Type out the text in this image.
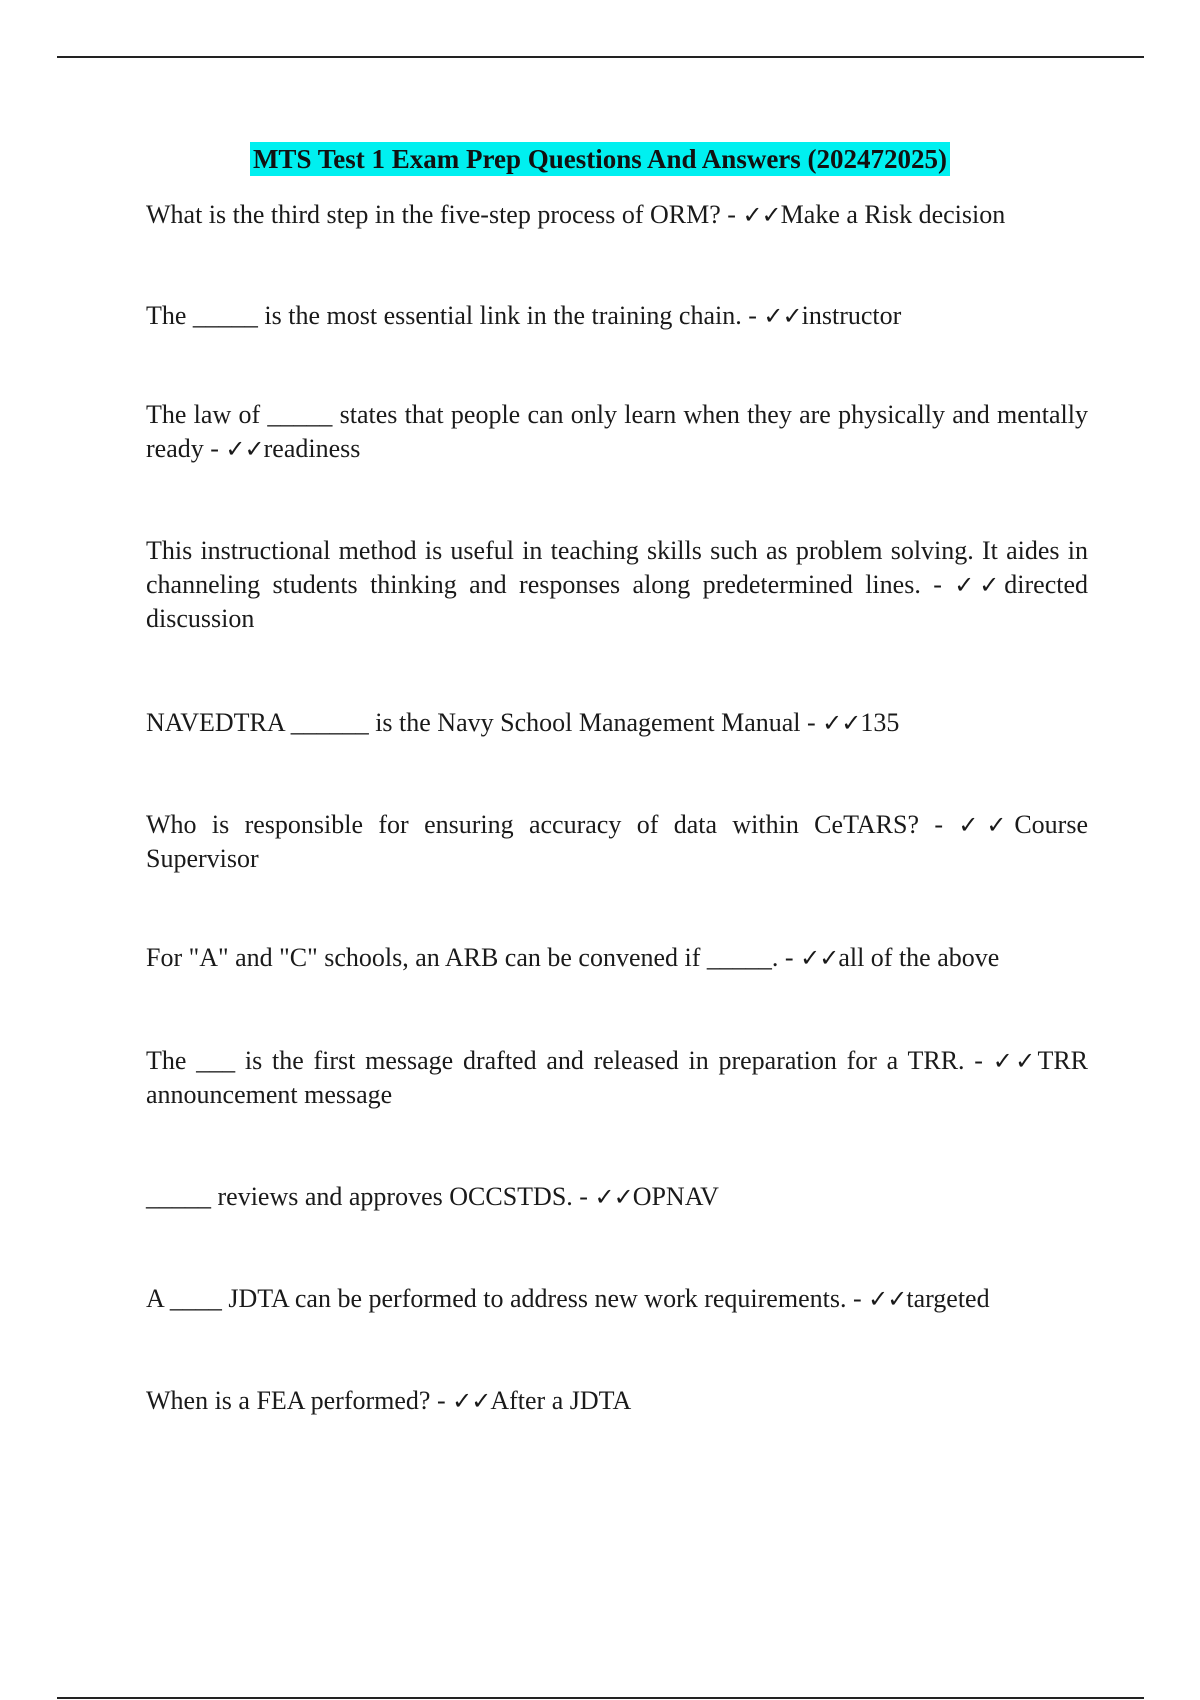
MTS Test 1 Exam Prep Questions And Answers (202472025)
What is the third step in the five-step process of ORM? - ✓✓Make a Risk decision
The _____ is the most essential link in the training chain. - ✓✓instructor
The law of _____ states that people can only learn when they are physically and mentally ready - ✓✓readiness
This instructional method is useful in teaching skills such as problem solving. It aides in channeling students thinking and responses along predetermined lines. - ✓✓directed discussion
NAVEDTRA ______ is the Navy School Management Manual - ✓✓135
Who is responsible for ensuring accuracy of data within CeTARS? - ✓✓Course Supervisor
For "A" and "C" schools, an ARB can be convened if _____. - ✓✓all of the above
The ___ is the first message drafted and released in preparation for a TRR. - ✓✓TRR announcement message
_____ reviews and approves OCCSTDS. - ✓✓OPNAV
A ____ JDTA can be performed to address new work requirements. - ✓✓targeted
When is a FEA performed? - ✓✓After a JDTA
